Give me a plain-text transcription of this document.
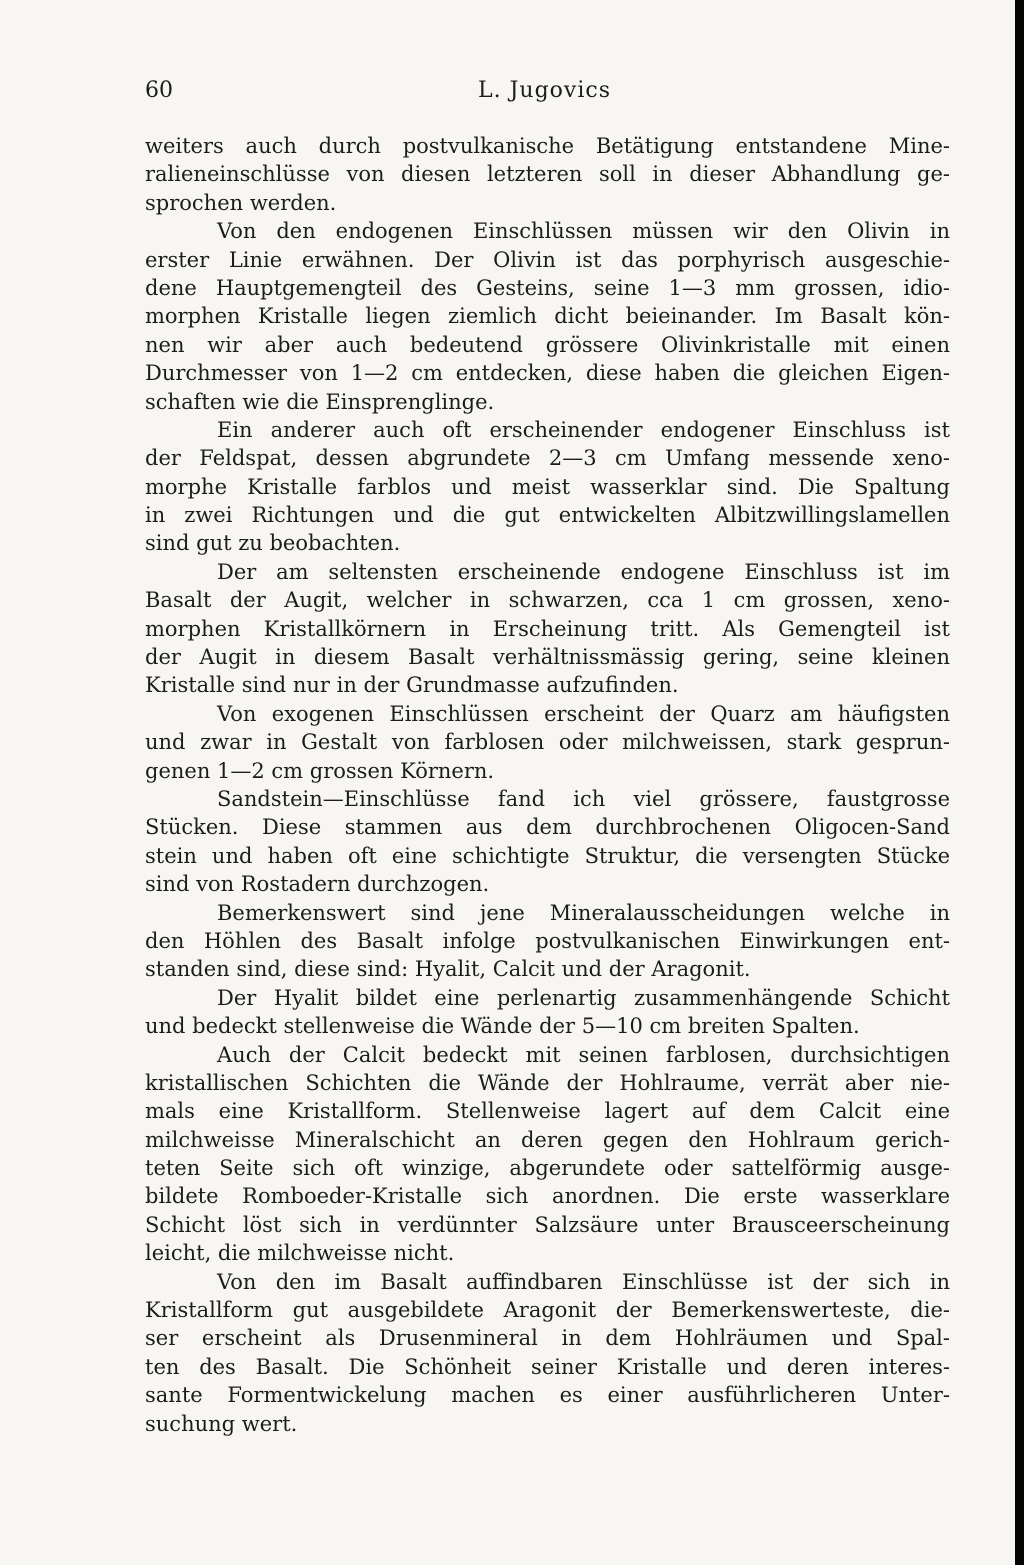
60	L. Jugovics
weiters auch durch postvulkanische Betätigung entstandene Mine-
ralieneinschlüsse von diesen letzteren soll in dieser Abhandlung ge-
sprochen werden.
Von den endogenen Einschlüssen müssen wir den Olivin in
erster Linie erwähnen. Der Olivin ist das porphyrisch ausgeschie-
dene Hauptgemengteil des Gesteins, seine 1—3 mm grossen, idio-
morphen Kristalle liegen ziemlich dicht beieinander. Im Basalt kön-
nen wir aber auch bedeutend grössere Olivinkristalle mit einen
Durchmesser von 1—2 cm entdecken, diese haben die gleichen Eigen-
schaften wie die Einsprenglinge.
Ein anderer auch oft erscheinender endogener Einschluss ist
der Feldspat, dessen abgrundete 2—3 cm Umfang messende xeno-
morphe Kristalle farblos und meist wasserklar sind. Die Spaltung
in zwei Richtungen und die gut entwickelten Albitzwillingslamellen
sind gut zu beobachten.
Der am seltensten erscheinende endogene Einschluss ist im
Basalt der Augit, welcher in schwarzen, cca 1 cm grossen, xeno-
morphen Kristallkörnern in Erscheinung tritt. Als Gemengteil ist
der Augit in diesem Basalt verhältnissmässig gering, seine kleinen
Kristalle sind nur in der Grundmasse aufzufinden.
Von exogenen Einschlüssen erscheint der Quarz am häufigsten
und zwar in Gestalt von farblosen oder milchweissen, stark gesprun-
genen 1—2 cm grossen Körnern.
Sandstein—Einschlüsse fand ich viel grössere, faustgrosse
Stücken. Diese stammen aus dem durchbrochenen Oligocen-Sand
stein und haben oft eine schichtigte Struktur, die versengten Stücke
sind von Rostadern durchzogen.
Bemerkenswert sind jene Mineralausscheidungen welche in
den Höhlen des Basalt infolge postvulkanischen Einwirkungen ent-
standen sind, diese sind: Hyalit, Calcit und der Aragonit.
Der Hyalit bildet eine perlenartig zusammenhängende Schicht
und bedeckt stellenweise die Wände der 5—10 cm breiten Spalten.
Auch der Calcit bedeckt mit seinen farblosen, durchsichtigen
kristallischen Schichten die Wände der Hohlraume, verrät aber nie-
mals eine Kristallform. Stellenweise lagert auf dem Calcit eine
milchweisse Mineralschicht an deren gegen den Hohlraum gerich-
teten Seite sich oft winzige, abgerundete oder sattelförmig ausge-
bildete Romboeder-Kristalle sich anordnen. Die erste wasserklare
Schicht löst sich in verdünnter Salzsäure unter Brausceerscheinung
leicht, die milchweisse nicht.
Von den im Basalt auffindbaren Einschlüsse ist der sich in
Kristallform gut ausgebildete Aragonit der Bemerkenswerteste, die-
ser erscheint als Drusenmineral in dem Hohlräumen und Spal-
ten des Basalt. Die Schönheit seiner Kristalle und deren interes-
sante Formentwickelung machen es einer ausführlicheren Unter-
suchung wert.
